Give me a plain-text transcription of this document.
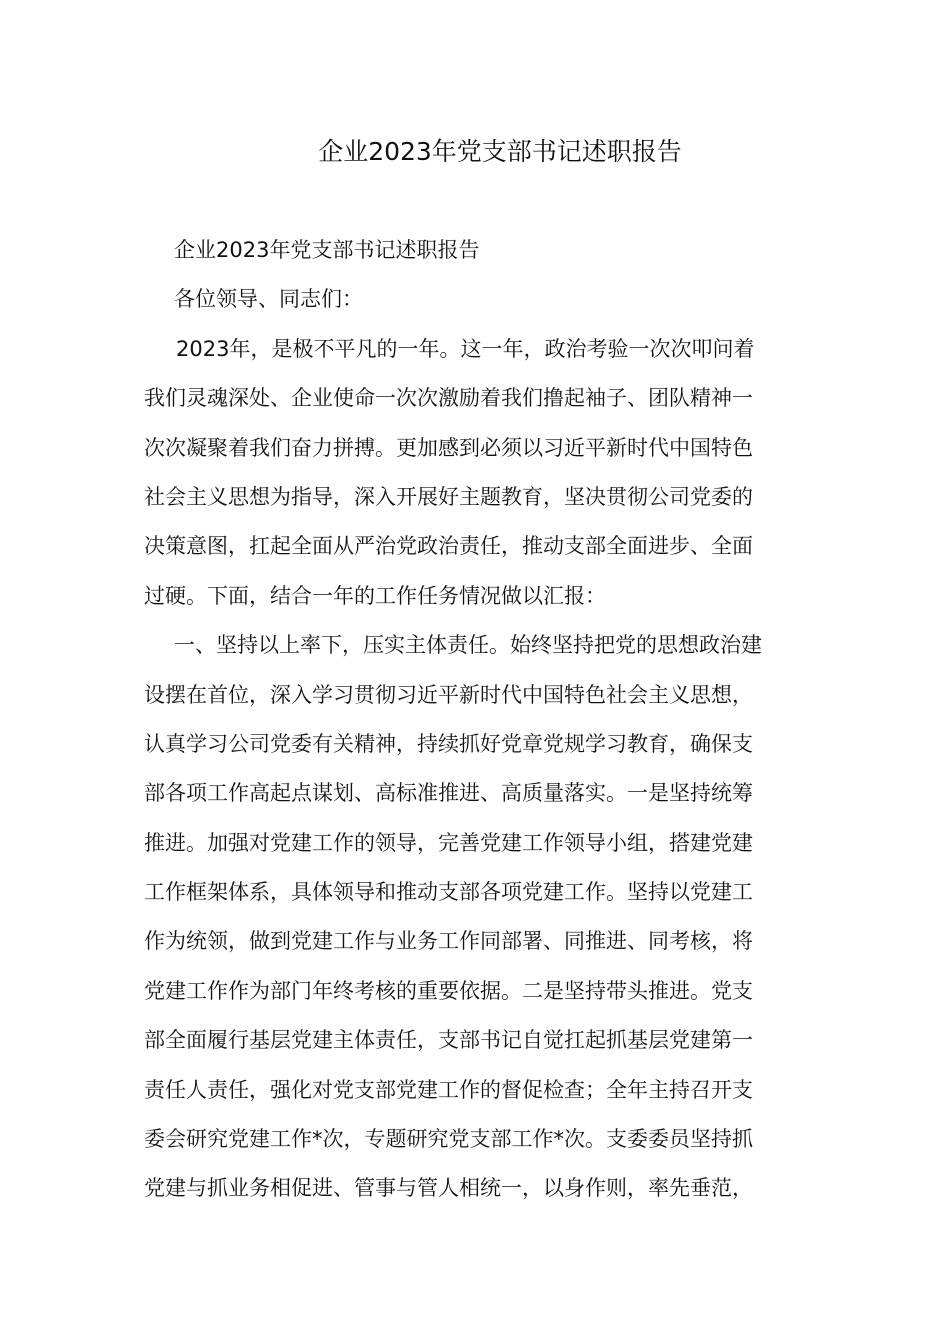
企业2023年党支部书记述职报告
企业2023年党支部书记述职报告
各位领导、同志们：
2023年，是极不平凡的一年。这一年，政治考验一次次叩问着
我们灵魂深处、企业使命一次次激励着我们撸起袖子、团队精神一
次次凝聚着我们奋力拼搏。更加感到必须以习近平新时代中国特色
社会主义思想为指导，深入开展好主题教育，坚决贯彻公司党委的
决策意图，扛起全面从严治党政治责任，推动支部全面进步、全面
过硬。下面，结合一年的工作任务情况做以汇报：
一、坚持以上率下，压实主体责任。始终坚持把党的思想政治建
设摆在首位，深入学习贯彻习近平新时代中国特色社会主义思想，
认真学习公司党委有关精神，持续抓好党章党规学习教育，确保支
部各项工作高起点谋划、高标准推进、高质量落实。一是坚持统筹
推进。加强对党建工作的领导，完善党建工作领导小组，搭建党建
工作框架体系，具体领导和推动支部各项党建工作。坚持以党建工
作为统领，做到党建工作与业务工作同部署、同推进、同考核，将
党建工作作为部门年终考核的重要依据。二是坚持带头推进。党支
部全面履行基层党建主体责任，支部书记自觉扛起抓基层党建第一
责任人责任，强化对党支部党建工作的督促检查；全年主持召开支
委会研究党建工作*次，专题研究党支部工作*次。支委委员坚持抓
党建与抓业务相促进、管事与管人相统一，以身作则，率先垂范，
